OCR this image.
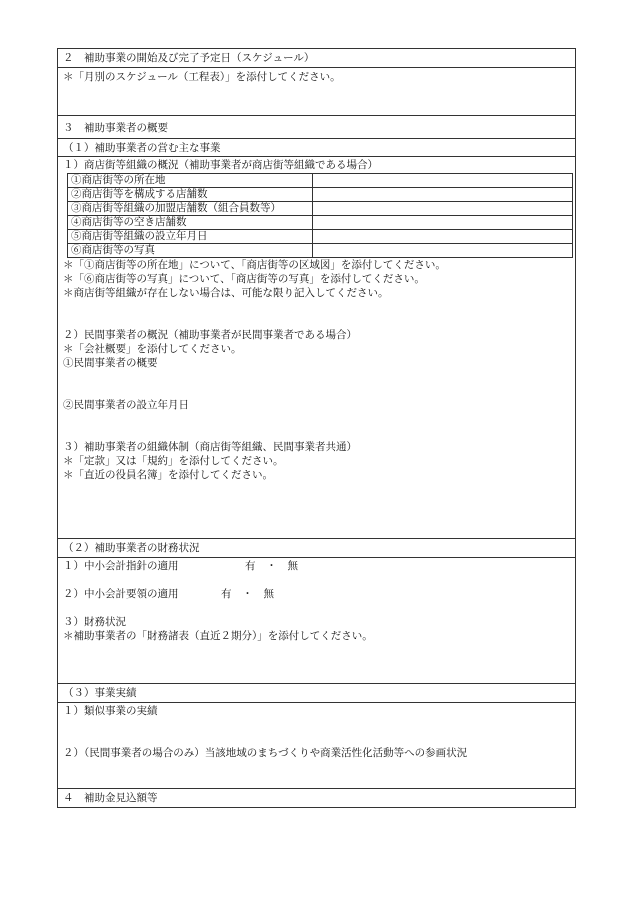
２　補助事業の開始及び完了予定日（スケジュール）
＊「月別のスケジュール（工程表）」を添付してください。
３　補助事業者の概要
（１）補助事業者の営む主な事業
１）商店街等組織の概況（補助事業者が商店街等組織である場合）
①商店街等の所在地	
②商店街等を構成する店舗数	
③商店街等組織の加盟店舗数（組合員数等）	
④商店街等の空き店舗数	
⑤商店街等組織の設立年月日	
⑥商店街等の写真	
＊「①商店街等の所在地」について、「商店街等の区域図」を添付してください。
＊「⑥商店街等の写真」について、「商店街等の写真」を添付してください。
＊商店街等組織が存在しない場合は、可能な限り記入してください。
２）民間事業者の概況（補助事業者が民間事業者である場合）
＊「会社概要」を添付してください。
①民間事業者の概要
②民間事業者の設立年月日
３）補助事業者の組織体制（商店街等組織、民間事業者共通）
＊「定款」又は「規約」を添付してください。
＊「直近の役員名簿」を添付してください。
（２）補助事業者の財務状況
１）中小会計指針の適用	有 ・ 無
２）中小会計要領の適用	有 ・ 無
３）財務状況
＊補助事業者の「財務諸表（直近２期分）」を添付してください。
（３）事業実績
１）類似事業の実績
２）（民間事業者の場合のみ）当該地域のまちづくりや商業活性化活動等への参画状況
４　補助金見込額等
